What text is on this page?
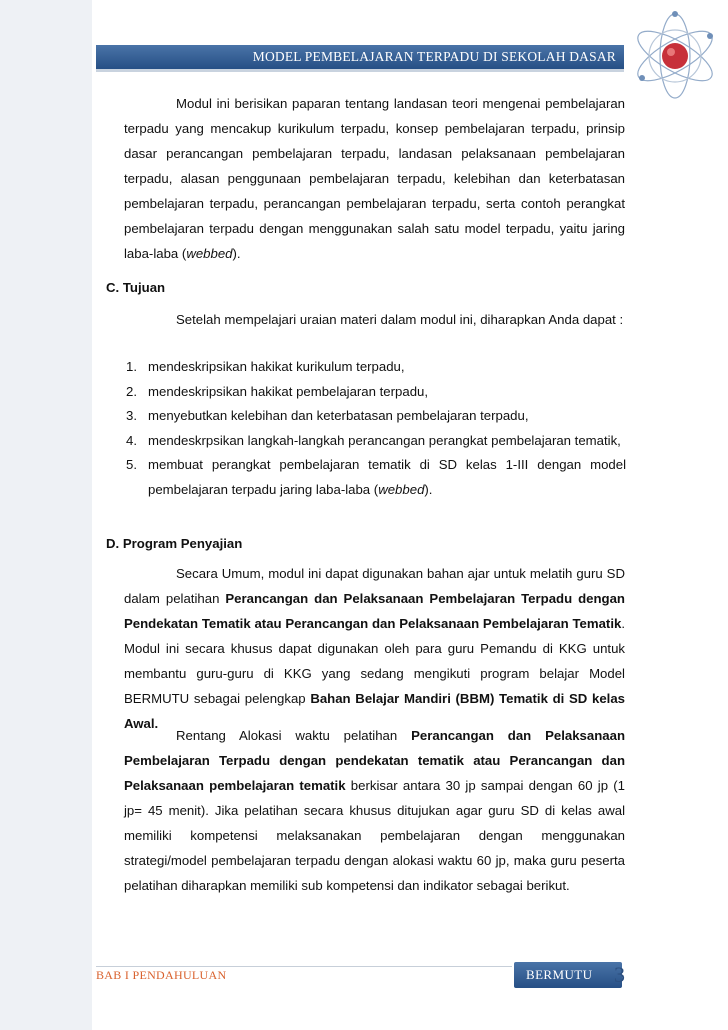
MODEL PEMBELAJARAN TERPADU DI SEKOLAH DASAR

Modul ini berisikan paparan tentang landasan teori mengenai pembelajaran terpadu yang mencakup kurikulum terpadu, konsep pembelajaran terpadu, prinsip dasar perancangan pembelajaran terpadu, landasan pelaksanaan pembelajaran terpadu, alasan penggunaan pembelajaran terpadu, kelebihan dan keterbatasan pembelajaran terpadu, perancangan pembelajaran terpadu, serta contoh perangkat pembelajaran terpadu dengan menggunakan salah satu model terpadu, yaitu jaring laba-laba (webbed).

C. Tujuan

Setelah mempelajari uraian materi dalam modul ini, diharapkan Anda dapat :

1. mendeskripsikan hakikat kurikulum terpadu,
2. mendeskripsikan hakikat pembelajaran terpadu,
3. menyebutkan kelebihan dan keterbatasan pembelajaran terpadu,
4. mendeskrpsikan langkah-langkah perancangan perangkat pembelajaran tematik,
5. membuat perangkat pembelajaran tematik di SD kelas 1-III dengan model pembelajaran terpadu jaring laba-laba (webbed).
D. Program Penyajian

Secara Umum, modul ini dapat digunakan bahan ajar untuk melatih guru SD dalam pelatihan Perancangan dan Pelaksanaan Pembelajaran Terpadu dengan Pendekatan Tematik atau Perancangan dan Pelaksanaan Pembelajaran Tematik. Modul ini secara khusus dapat digunakan oleh para guru Pemandu di KKG untuk membantu guru-guru di KKG yang sedang mengikuti program belajar Model BERMUTU sebagai pelengkap Bahan Belajar Mandiri (BBM) Tematik di SD kelas Awal.

Rentang Alokasi waktu pelatihan Perancangan dan Pelaksanaan Pembelajaran Terpadu dengan pendekatan tematik atau Perancangan dan Pelaksanaan pembelajaran tematik berkisar antara 30 jp sampai dengan 60 jp (1 jp= 45 menit). Jika pelatihan secara khusus ditujukan agar guru SD di kelas awal memiliki kompetensi melaksanakan pembelajaran dengan menggunakan strategi/model pembelajaran terpadu dengan alokasi waktu 60 jp, maka guru peserta pelatihan diharapkan memiliki sub kompetensi dan indikator sebagai berikut.

BAB I PENDAHULUAN	BERMUTU 3
